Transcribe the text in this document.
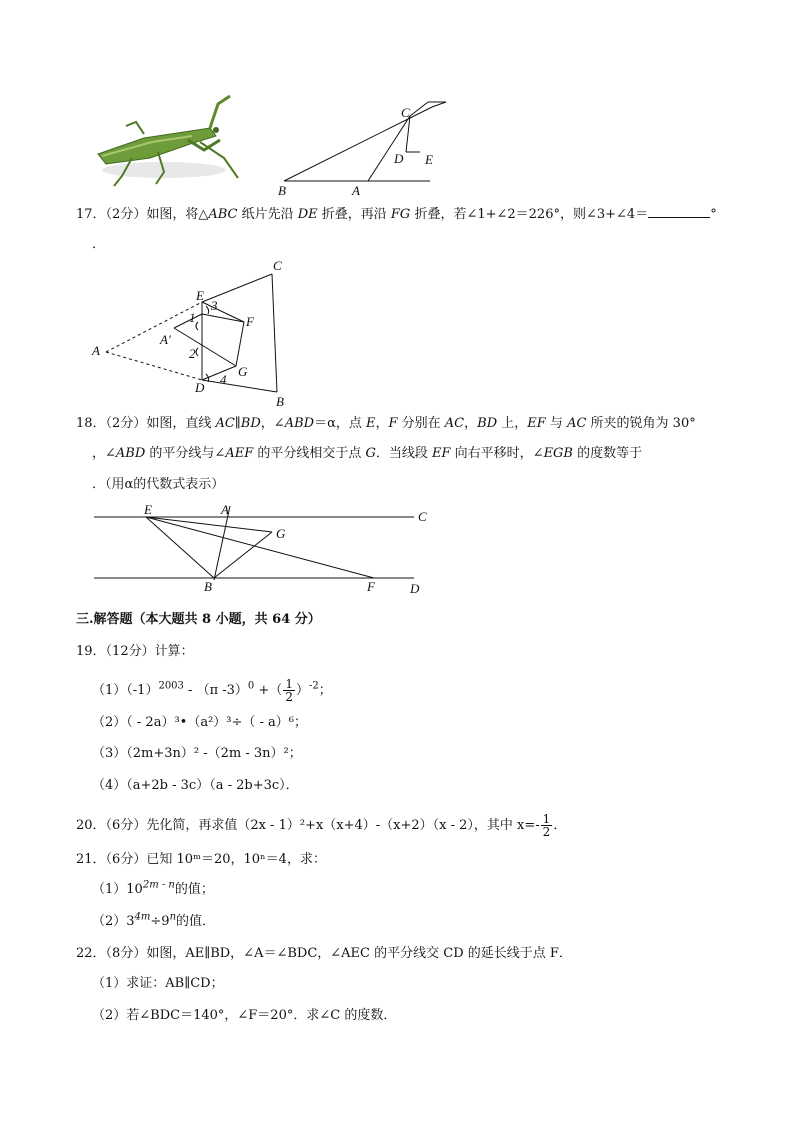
C
D E
B	A
17．（2分）如图，将△ABC 纸片先沿 DE 折叠，再沿 FG 折叠，若∠1+∠2＝226°，则∠3+∠4＝	°
．
C
E
3
1	F
A′
A	2
D
4
G
B
18．（2分）如图，直线 AC∥BD，∠ABD＝α，点 E，F 分别在 AC，BD 上，EF 与 AC 所夹的锐角为 30°
，∠ABD 的平分线与∠AEF 的平分线相交于点 G．当线段 EF 向右平移时，∠EGB 的度数等于
．（用α的代数式表示）
E	A	C
G
B	F	D
三.解答题（本大题共 8 小题，共 64 分）
19．（12分）计算：
$(1)(-1)^{2003} - (\pi$ -3）$^0$ +（ $\frac{1}{2} )^{-2}$；
（2）（ - 2a）³•（a²）³÷（ - a）⁶；
（3）（2m+3n）² -（2m - 3n）²；
（4）（a+2b - 3c）（a - 2b+3c）．
20．（6分）先化简，再求值（2x - 1）²+x（x+4）-（x+2）（x - 2），其中 $x=- \frac{1}{2}$ ．
21．（6分）已知 10ᵐ＝20，10ⁿ＝4，求：
$(1)10^{2m - n}$的值；
$(2)3^{4m}\div 9^n$的值．
22．（8分）如图，AE∥BD，∠A＝∠BDC，∠AEC 的平分线交 CD 的延长线于点 F．
（1）求证：AB∥CD；
（2）若∠BDC＝140°，∠F＝20°．求∠C 的度数．
